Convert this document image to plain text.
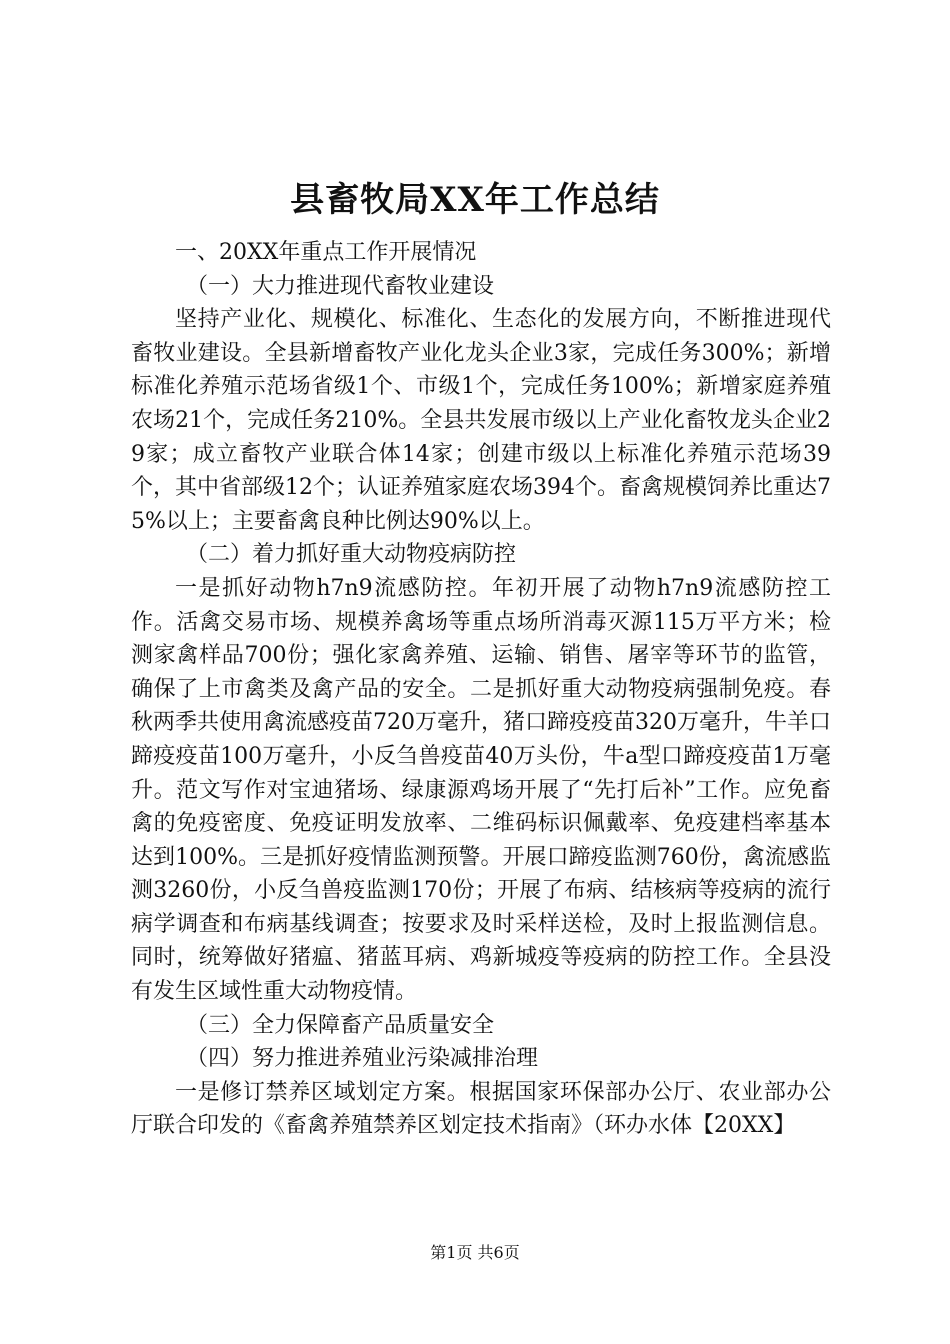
县畜牧局XX年工作总结

一、20XX年重点工作开展情况

（一）大力推进现代畜牧业建设

坚持产业化、规模化、标准化、生态化的发展方向，不断推进现代畜牧业建设。全县新增畜牧产业化龙头企业3家，完成任务300%；新增标准化养殖示范场省级1个、市级1个，完成任务100%；新增家庭养殖农场21个，完成任务210%。全县共发展市级以上产业化畜牧龙头企业29家；成立畜牧产业联合体14家；创建市级以上标准化养殖示范场39个，其中省部级12个；认证养殖家庭农场394个。畜禽规模饲养比重达75%以上；主要畜禽良种比例达90%以上。

（二）着力抓好重大动物疫病防控

一是抓好动物h7n9流感防控。年初开展了动物h7n9流感防控工作。活禽交易市场、规模养禽场等重点场所消毒灭源115万平方米；检测家禽样品700份；强化家禽养殖、运输、销售、屠宰等环节的监管，确保了上市禽类及禽产品的安全。二是抓好重大动物疫病强制免疫。春秋两季共使用禽流感疫苗720万毫升，猪口蹄疫疫苗320万毫升，牛羊口蹄疫疫苗100万毫升，小反刍兽疫苗40万头份，牛a型口蹄疫疫苗1万毫升。范文写作对宝迪猪场、绿康源鸡场开展了“先打后补”工作。应免畜禽的免疫密度、免疫证明发放率、二维码标识佩戴率、免疫建档率基本达到100%。三是抓好疫情监测预警。开展口蹄疫监测760份，禽流感监测3260份，小反刍兽疫监测170份；开展了布病、结核病等疫病的流行病学调查和布病基线调查；按要求及时采样送检，及时上报监测信息。同时，统筹做好猪瘟、猪蓝耳病、鸡新城疫等疫病的防控工作。全县没有发生区域性重大动物疫情。

（三）全力保障畜产品质量安全

（四）努力推进养殖业污染减排治理

一是修订禁养区域划定方案。根据国家环保部办公厅、农业部办公厅联合印发的《畜禽养殖禁养区划定技术指南》（环办水体【20XX】

第1页 共6页
